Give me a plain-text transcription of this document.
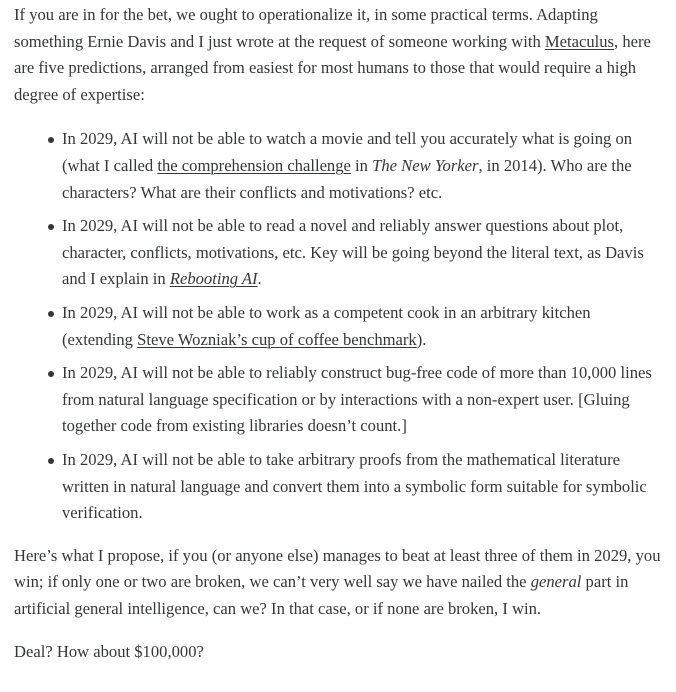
If you are in for the bet, we ought to operationalize it, in some practical terms. Adapting something Ernie Davis and I just wrote at the request of someone working with Metaculus, here are five predictions, arranged from easiest for most humans to those that would require a high degree of expertise:

In 2029, AI will not be able to watch a movie and tell you accurately what is going on (what I called the comprehension challenge in The New Yorker, in 2014). Who are the characters? What are their conflicts and motivations? etc.
In 2029, AI will not be able to read a novel and reliably answer questions about plot, character, conflicts, motivations, etc. Key will be going beyond the literal text, as Davis and I explain in Rebooting AI.
In 2029, AI will not be able to work as a competent cook in an arbitrary kitchen (extending Steve Wozniak’s cup of coffee benchmark).
In 2029, AI will not be able to reliably construct bug-free code of more than 10,000 lines from natural language specification or by interactions with a non-expert user. [Gluing together code from existing libraries doesn’t count.]
In 2029, AI will not be able to take arbitrary proofs from the mathematical literature written in natural language and convert them into a symbolic form suitable for symbolic verification.

Here’s what I propose, if you (or anyone else) manages to beat at least three of them in 2029, you win; if only one or two are broken, we can’t very well say we have nailed the general part in artificial general intelligence, can we? In that case, or if none are broken, I win.

Deal? How about $100,000?
